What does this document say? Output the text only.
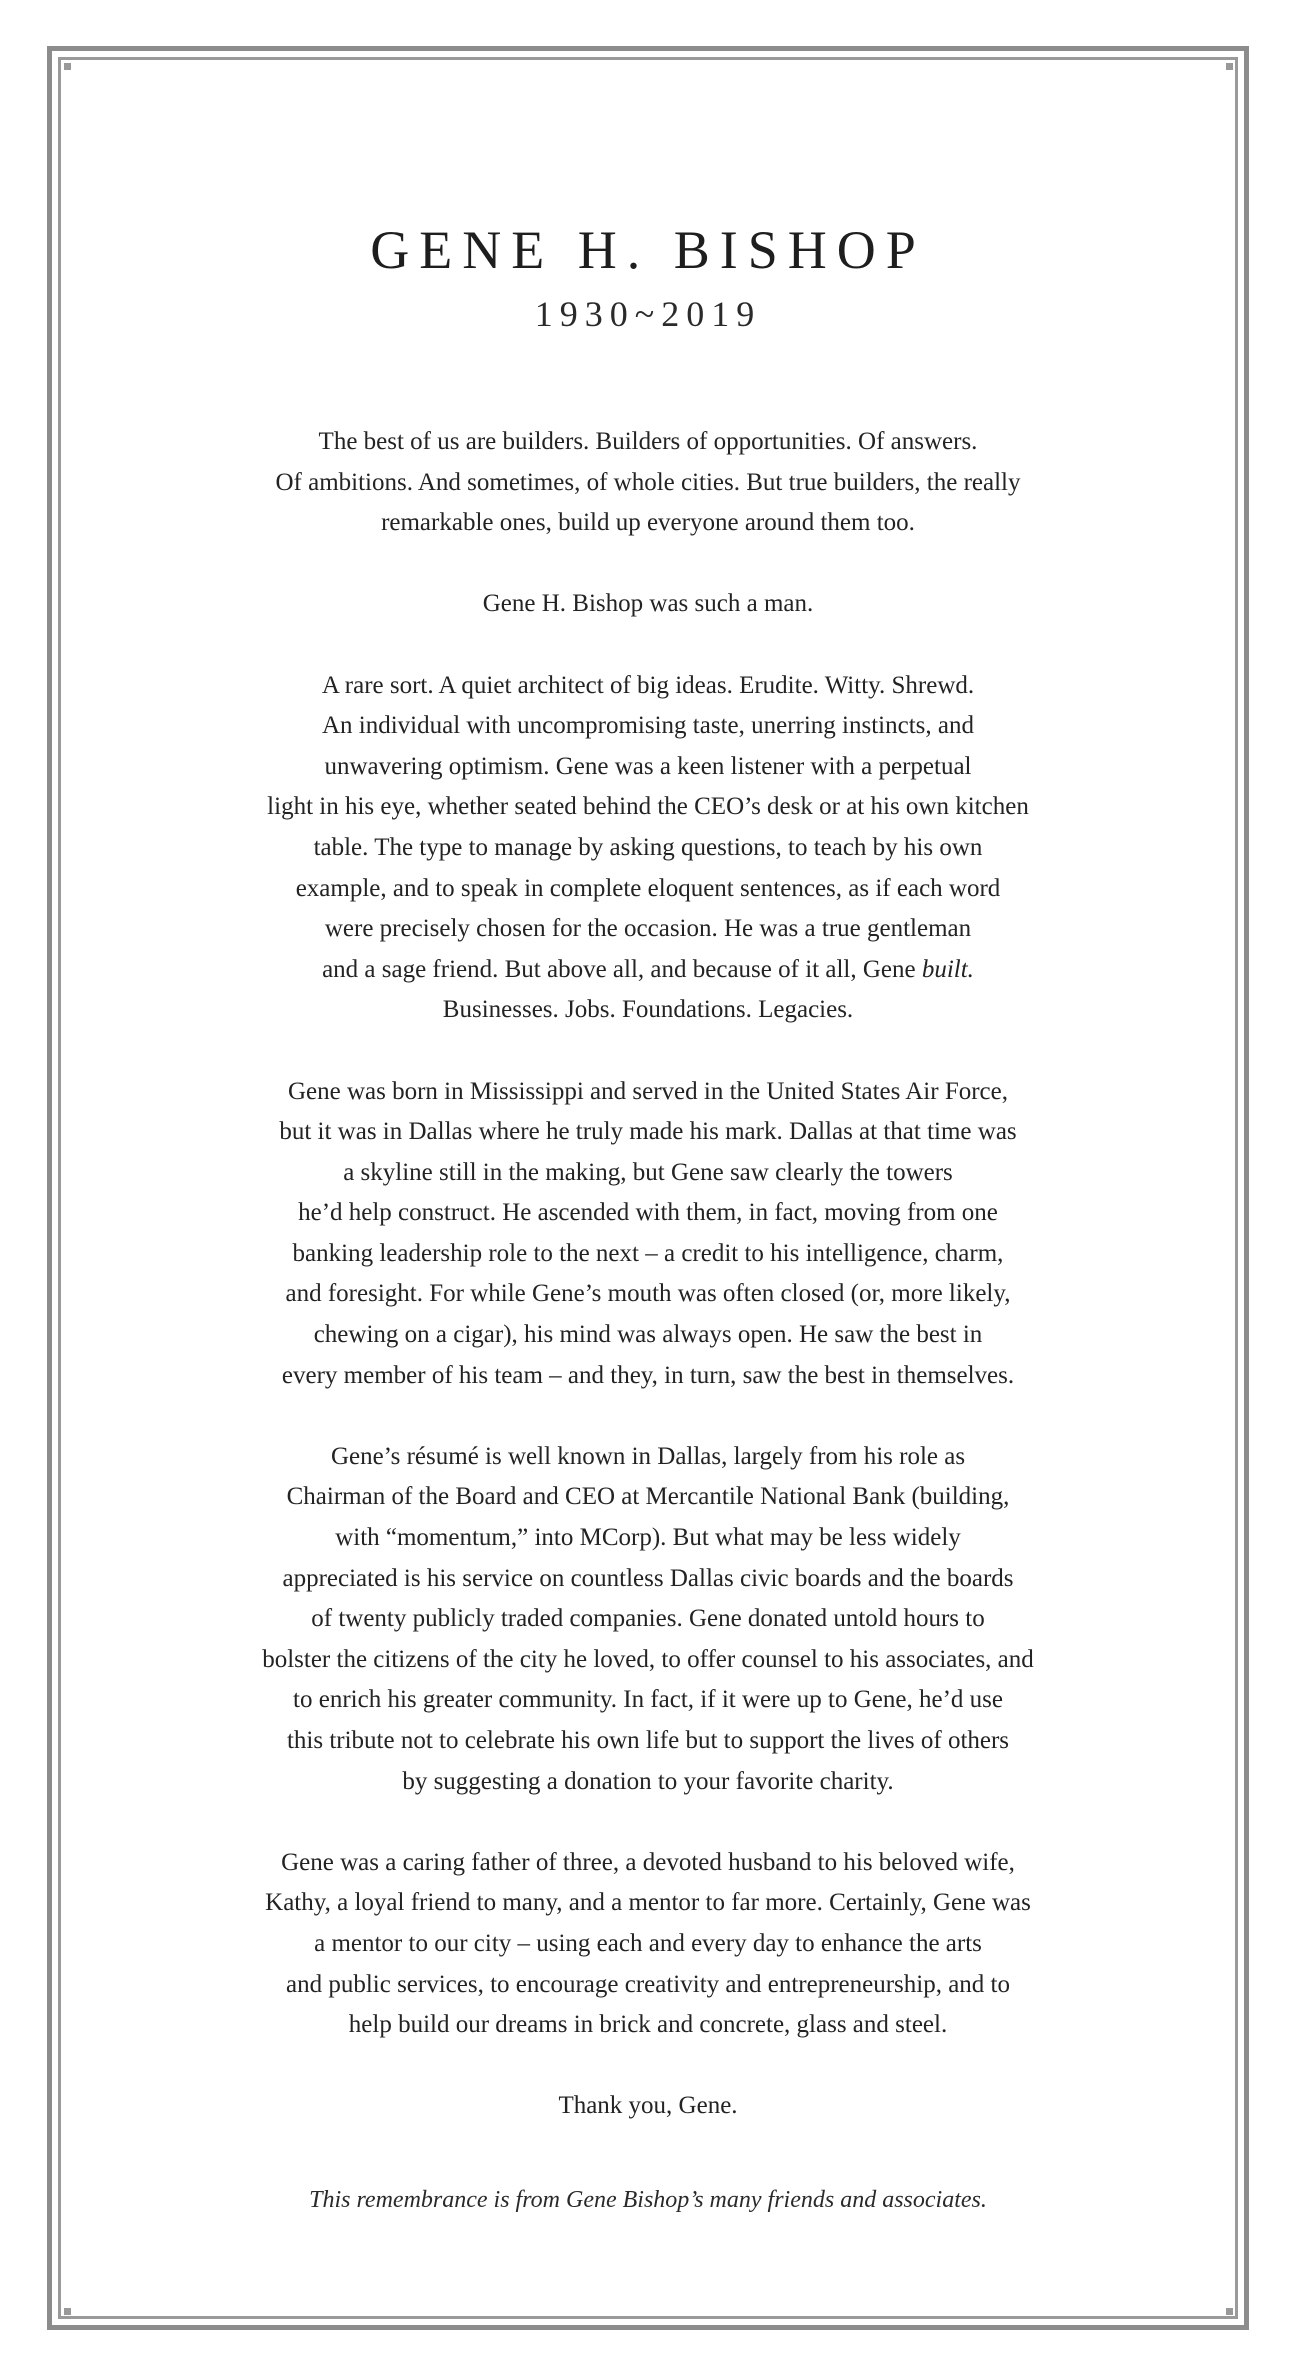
GENE H. BISHOP
1930~2019

The best of us are builders. Builders of opportunities. Of answers.
Of ambitions. And sometimes, of whole cities. But true builders, the really
remarkable ones, build up everyone around them too.

Gene H. Bishop was such a man.

A rare sort. A quiet architect of big ideas. Erudite. Witty. Shrewd.
An individual with uncompromising taste, unerring instincts, and
unwavering optimism. Gene was a keen listener with a perpetual
light in his eye, whether seated behind the CEO’s desk or at his own kitchen
table. The type to manage by asking questions, to teach by his own
example, and to speak in complete eloquent sentences, as if each word
were precisely chosen for the occasion. He was a true gentleman
and a sage friend. But above all, and because of it all, Gene built.
Businesses. Jobs. Foundations. Legacies.

Gene was born in Mississippi and served in the United States Air Force,
but it was in Dallas where he truly made his mark. Dallas at that time was
a skyline still in the making, but Gene saw clearly the towers
he’d help construct. He ascended with them, in fact, moving from one
banking leadership role to the next – a credit to his intelligence, charm,
and foresight. For while Gene’s mouth was often closed (or, more likely,
chewing on a cigar), his mind was always open. He saw the best in
every member of his team – and they, in turn, saw the best in themselves.

Gene’s résumé is well known in Dallas, largely from his role as
Chairman of the Board and CEO at Mercantile National Bank (building,
with “momentum,” into MCorp). But what may be less widely
appreciated is his service on countless Dallas civic boards and the boards
of twenty publicly traded companies. Gene donated untold hours to
bolster the citizens of the city he loved, to offer counsel to his associates, and
to enrich his greater community. In fact, if it were up to Gene, he’d use
this tribute not to celebrate his own life but to support the lives of others
by suggesting a donation to your favorite charity.

Gene was a caring father of three, a devoted husband to his beloved wife,
Kathy, a loyal friend to many, and a mentor to far more. Certainly, Gene was
a mentor to our city – using each and every day to enhance the arts
and public services, to encourage creativity and entrepreneurship, and to
help build our dreams in brick and concrete, glass and steel.

Thank you, Gene.

This remembrance is from Gene Bishop’s many friends and associates.
